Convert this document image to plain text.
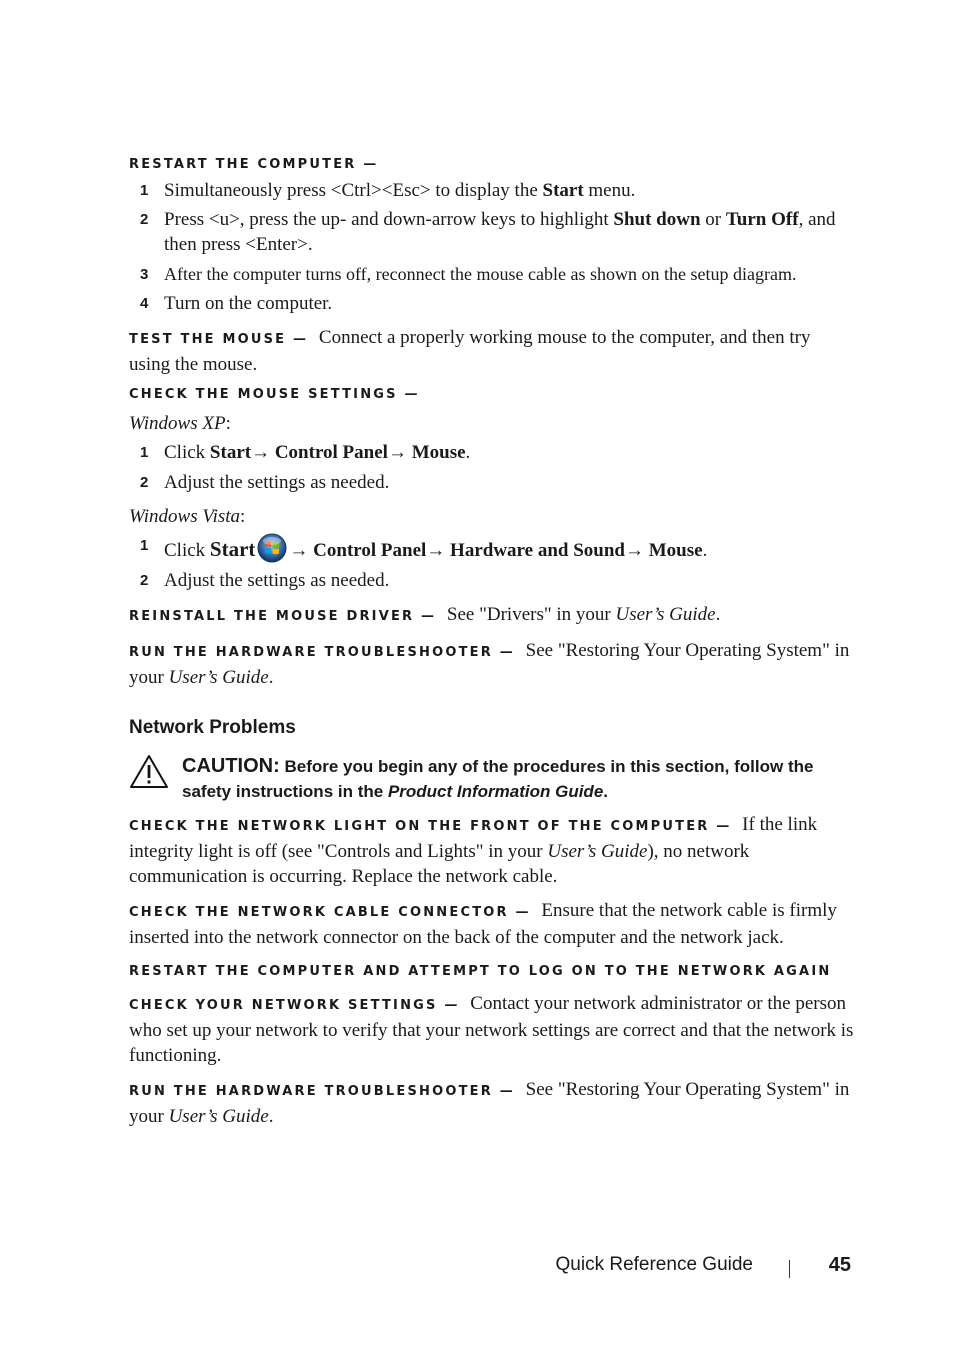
RESTART THE COMPUTER —
1 Simultaneously press <Ctrl><Esc> to display the Start menu.
2 Press <u>, press the up- and down-arrow keys to highlight Shut down or Turn Off, and then press <Enter>.
3 After the computer turns off, reconnect the mouse cable as shown on the setup diagram.
4 Turn on the computer.
TEST THE MOUSE — Connect a properly working mouse to the computer, and then try using the mouse.
CHECK THE MOUSE SETTINGS —
Windows XP:
1 Click Start→ Control Panel→ Mouse.
2 Adjust the settings as needed.
Windows Vista:
1 Click Start → Control Panel→ Hardware and Sound→ Mouse.
2 Adjust the settings as needed.
REINSTALL THE MOUSE DRIVER — See "Drivers" in your User’s Guide.
RUN THE HARDWARE TROUBLESHOOTER — See "Restoring Your Operating System" in your User’s Guide.
Network Problems
CAUTION: Before you begin any of the procedures in this section, follow the safety instructions in the Product Information Guide.
CHECK THE NETWORK LIGHT ON THE FRONT OF THE COMPUTER — If the link integrity light is off (see "Controls and Lights" in your User’s Guide), no network communication is occurring. Replace the network cable.
CHECK THE NETWORK CABLE CONNECTOR — Ensure that the network cable is firmly inserted into the network connector on the back of the computer and the network jack.
RESTART THE COMPUTER AND ATTEMPT TO LOG ON TO THE NETWORK AGAIN
CHECK YOUR NETWORK SETTINGS — Contact your network administrator or the person who set up your network to verify that your network settings are correct and that the network is functioning.
RUN THE HARDWARE TROUBLESHOOTER — See "Restoring Your Operating System" in your User’s Guide.
Quick Reference Guide	45
